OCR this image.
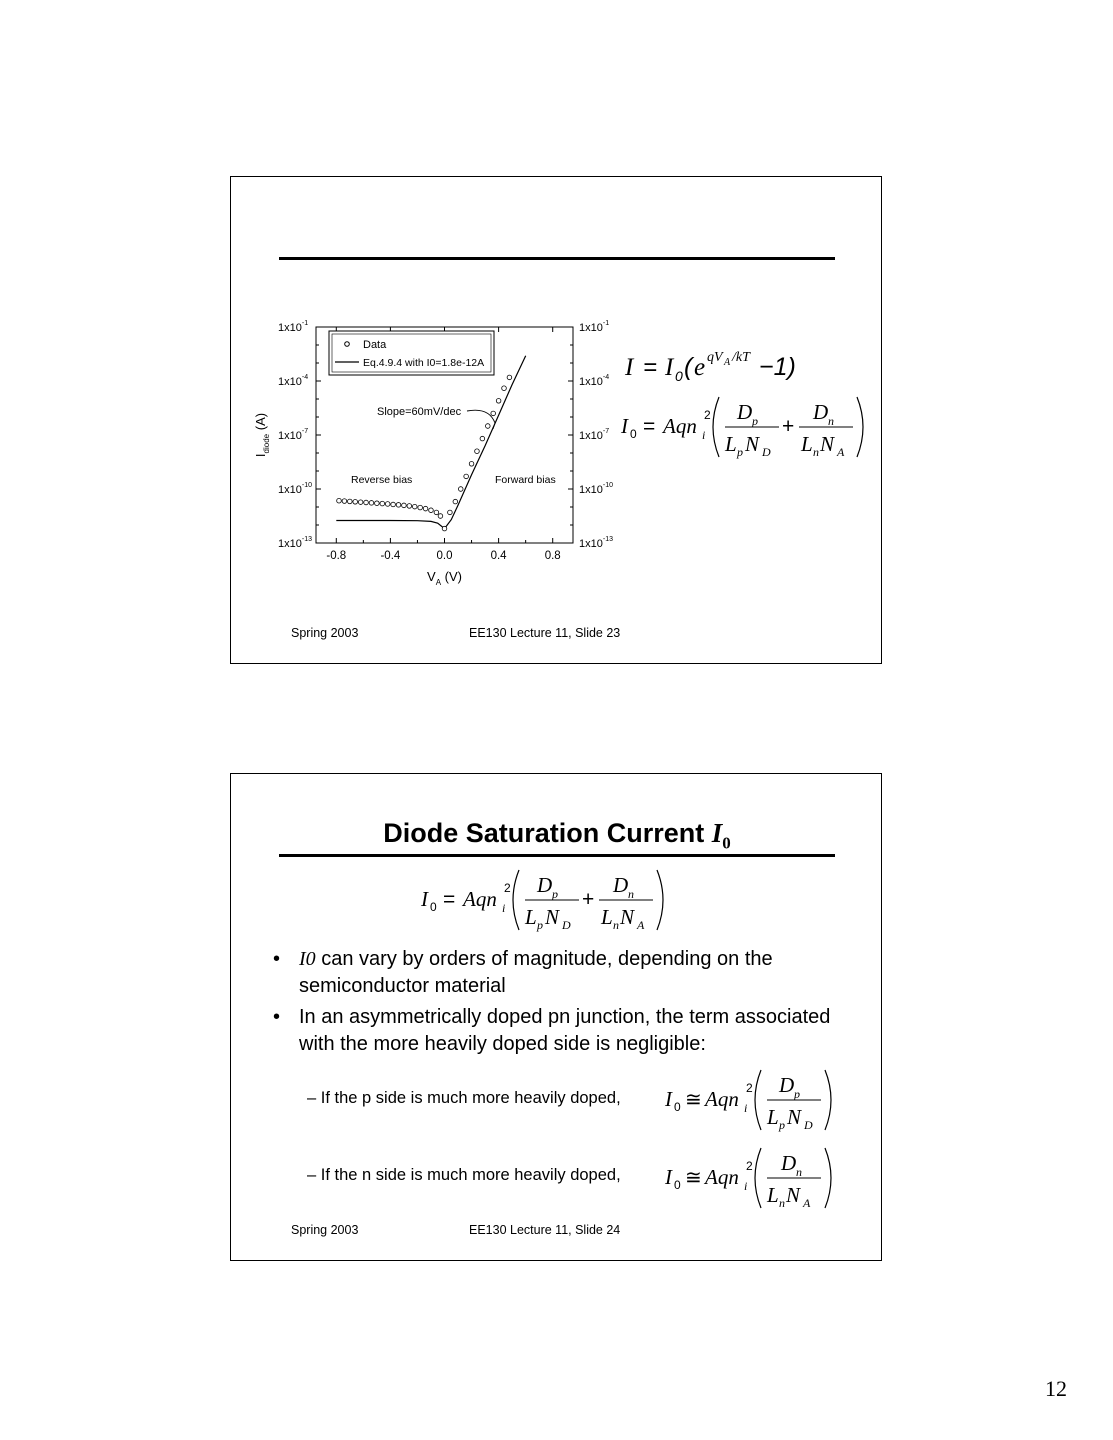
$1x10^{-1}$	$1x10^{-1}$
$1x10^{-4}$	$1x10^{-4}$
$1x10^{-7}$	$1x10^{-7}$
$1x10^{-10}$	$1x10^{-10}$
$1x10^{-13}$	$1x10^{-13}$
-0.8	-0.4	0.0	0.4	0.8
$V_A$ (V)
$I_{diode}$ (A)
Data
Eq.4.9.4 with I0=1.8e-12A
Slope=60mV/dec
Reverse bias	Forward bias
I = I 0 ( e qV A /kT −1)
I 0 = Aqn i
2 D p
L p N D
+
D n
L n N A
Spring 2003	EE130 Lecture 11, Slide 23
Diode Saturation Current $I_0$
I 0 = Aqn i
2 D p
L p N D
+
D n
L n N A
• I0 can vary by orders of magnitude, depending on the semiconductor material
• In an asymmetrically doped pn junction, the term associated with the more heavily doped side is negligible:
– If the p side is much more heavily doped, I 0 ≅ Aqn i
2 D p
L p N D
– If the n side is much more heavily doped, I 0 ≅ Aqn i
2 D n
L n N A
Spring 2003	EE130 Lecture 11, Slide 24
12
